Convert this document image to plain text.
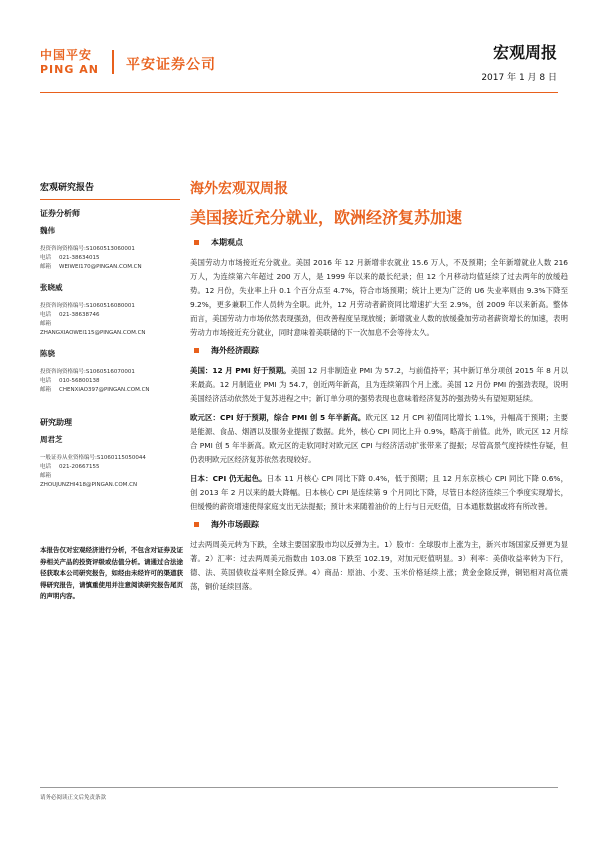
中国平安
PING AN 平安证券公司
宏观周报
2017 年 1 月 8 日
宏观研究报告
证券分析师
魏伟
投资咨询资格编号:S1060513060001
电话 021-38634015
邮箱 WEIWEI170@PINGAN.COM.CN
张晓威
投资咨询资格编号:S1060516080001
电话 021-38638746
邮箱
ZHANGXIAOWEI115@PINGAN.COM.CN
陈骁
投资咨询资格编号:S1060516070001
电话 010-56800138
邮箱 CHENXIAO397@PINGAN.COM.CN
研究助理
周君芝
一般证券从业资格编号:S1060115050044
电话 021-20667155
邮箱
ZHOUJUNZHI418@PINGAN.COM.CN
本报告仅对宏观经济进行分析，不包含对证券及证券相关产品的投资评级或估值分析。请通过合法途径获取本公司研究报告，如经由未经许可的渠道获得研究报告，请慎重使用并注意阅读研究报告尾页的声明内容。
海外宏观双周报
美国接近充分就业，欧洲经济复苏加速
本期观点
美国劳动力市场接近充分就业。美国 2016 年 12 月新增非农就业 15.6 万人，不及预期；全年新增就业人数 216 万人，为连续第六年超过 200 万人，是 1999 年以来的最长纪录；但 12 个月移动均值延续了过去两年的放缓趋势。12 月份，失业率上升 0.1 个百分点至 4.7%，符合市场预期；统计上更为广泛的 U6 失业率则由 9.3%下降至 9.2%，更多兼职工作人员转为全职。此外，12 月劳动者薪资同比增速扩大至 2.9%，创 2009 年以来新高。整体而言，美国劳动力市场依然表现强劲，但改善程度呈现放缓；新增就业人数的放缓叠加劳动者薪资增长的加速，表明劳动力市场接近充分就业，同时意味着美联储的下一次加息不会等待太久。
海外经济跟踪
美国：12 月 PMI 好于预期。美国 12 月非制造业 PMI 为 57.2，与前值持平；其中新订单分项创 2015 年 8 月以来最高。12 月制造业 PMI 为 54.7，创近两年新高，且为连续第四个月上涨。美国 12 月份 PMI 的强劲表现，说明美国经济活动依然处于复苏进程之中；新订单分项的强势表现也意味着经济复苏的强劲势头有望短期延续。
欧元区：CPI 好于预期，综合 PMI 创 5 年半新高。欧元区 12 月 CPI 初值同比增长 1.1%，升幅高于预期；主要是能源、食品、烟酒以及服务业提振了数据。此外，核心 CPI 同比上升 0.9%，略高于前值。此外，欧元区 12 月综合 PMI 创 5 年半新高。欧元区的走软同时对欧元区 CPI 与经济活动扩张带来了提振；尽管高景气度持续性存疑，但仍表明欧元区经济复苏依然表现较好。
日本：CPI 仍无起色。日本 11 月核心 CPI 同比下降 0.4%，低于预期；且 12 月东京核心 CPI 同比下降 0.6%，创 2013 年 2 月以来的最大降幅。日本核心 CPI 是连续第 9 个月同比下降，尽管日本经济连续三个季度实现增长，但缓慢的薪资增速使得家庭支出无法提振；预计未来随着油价的上行与日元贬值，日本通胀数据或将有所改善。
海外市场跟踪
过去两周美元转为下跌，全球主要国家股市均以反弹为主。1）股市：全球股市上涨为主，新兴市场国家反弹更为显著。2）汇率：过去两周美元指数由 103.08 下跌至 102.19，对加元贬值明显。3）利率：美债收益率转为下行，德、法、英国债收益率则全除反弹。4）商品：原油、小麦、玉米价格延续上涨；黄金金除反弹，铜铝相对高位震荡，铜价延续回落。
请务必阅读正文后免责条款
